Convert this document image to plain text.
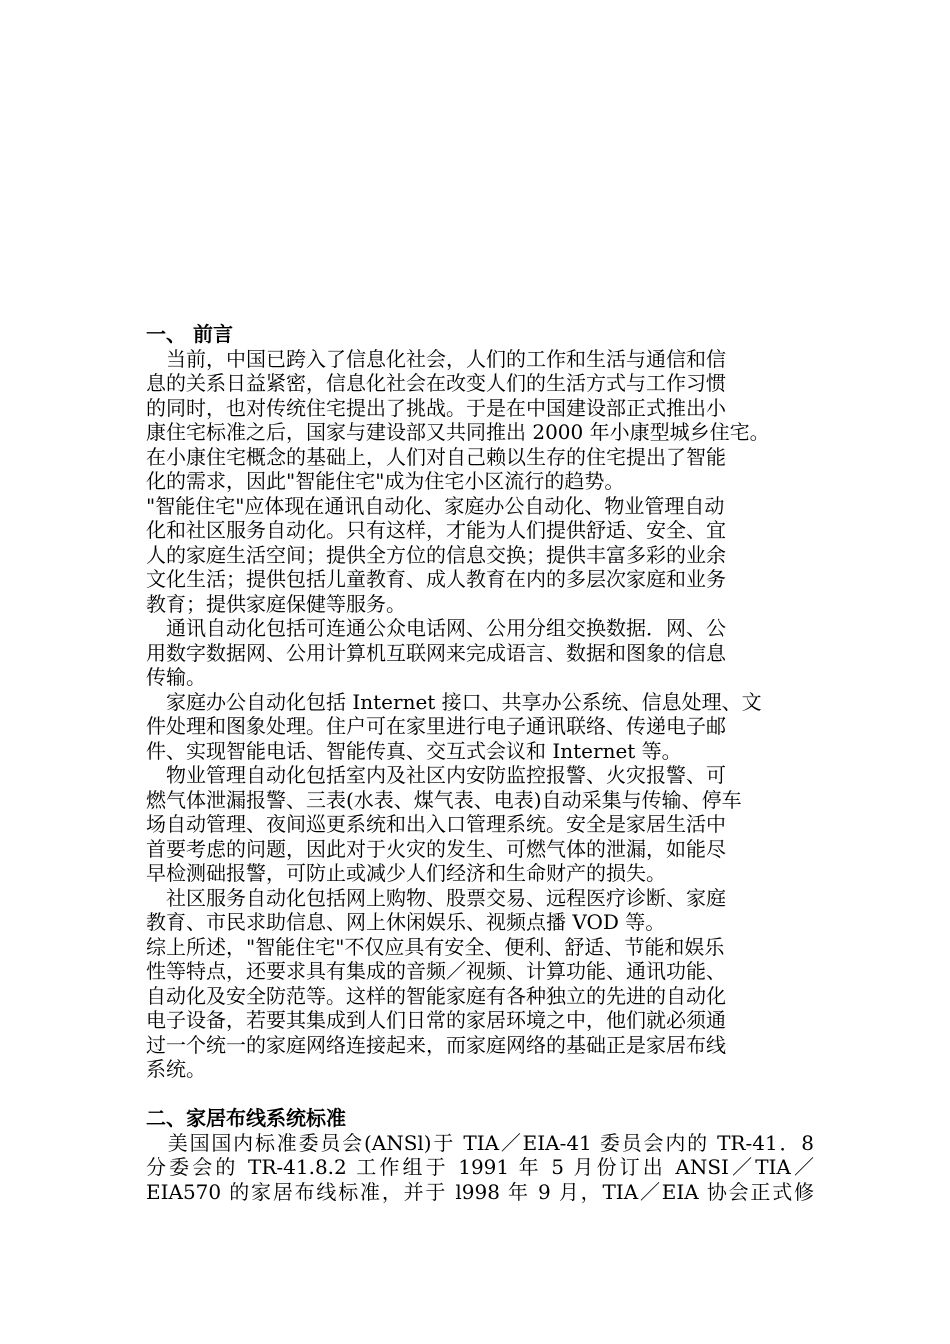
一、 前言

　当前，中国已跨入了信息化社会，人们的工作和生活与通信和信

息的关系日益紧密，信息化社会在改变人们的生活方式与工作习惯

的同时，也对传统住宅提出了挑战。于是在中国建设部正式推出小

康住宅标准之后，国家与建设部又共同推出 2000 年小康型城乡住宅。

在小康住宅概念的基础上，人们对自己赖以生存的住宅提出了智能

化的需求，因此"智能住宅"成为住宅小区流行的趋势。

"智能住宅"应体现在通讯自动化、家庭办公自动化、物业管理自动

化和社区服务自动化。只有这样，才能为人们提供舒适、安全、宜

人的家庭生活空间；提供全方位的信息交换；提供丰富多彩的业余

文化生活；提供包括儿童教育、成人教育在内的多层次家庭和业务

教育；提供家庭保健等服务。

　通讯自动化包括可连通公众电话网、公用分组交换数据．网、公

用数字数据网、公用计算机互联网来完成语言、数据和图象的信息

传输。

　家庭办公自动化包括 Internet 接口、共享办公系统、信息处理、文

件处理和图象处理。住户可在家里进行电子通讯联络、传递电子邮

件、实现智能电话、智能传真、交互式会议和 Internet 等。

　物业管理自动化包括室内及社区内安防监控报警、火灾报警、可

燃气体泄漏报警、三表(水表、煤气表、电表)自动采集与传输、停车

场自动管理、夜间巡更系统和出入口管理系统。安全是家居生活中

首要考虑的问题，因此对于火灾的发生、可燃气体的泄漏，如能尽

早检测础报警，可防止或减少人们经济和生命财产的损失。

　社区服务自动化包括网上购物、股票交易、远程医疗诊断、家庭

教育、市民求助信息、网上休闲娱乐、视频点播 VOD 等。

综上所述，"智能住宅"不仅应具有安全、便利、舒适、节能和娱乐

性等特点，还要求具有集成的音频／视频、计算功能、通讯功能、

自动化及安全防范等。这样的智能家庭有各种独立的先进的自动化

电子设备，若要其集成到人们日常的家居环境之中，他们就必须通

过一个统一的家庭网络连接起来，而家庭网络的基础正是家居布线

系统。

二、家居布线系统标准

　美国国内标准委员会(ANSl)于 TIA／EIA-41 委员会内的 TR-41．8

分委会的 TR-41.8.2 工作组于 1991 年 5 月份订出 ANSI／TIA／

EIA570 的家居布线标准，并于 l998 年 9 月，TIA／EIA 协会正式修
